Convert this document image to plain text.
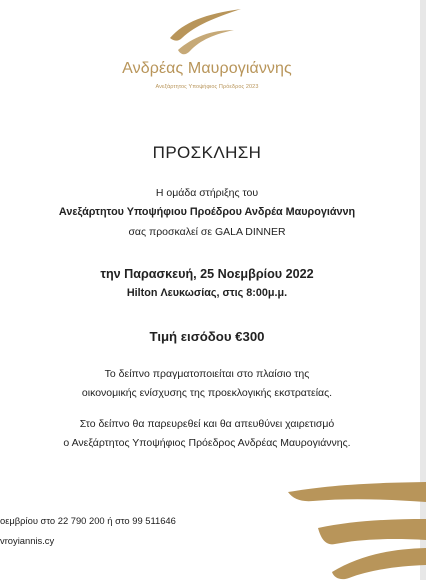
Ανδρέας Μαυρογιάννης
Ανεξάρτητος Υποψήφιος Πρόεδρος 2023
ΠΡΟΣΚΛΗΣΗ
Η ομάδα στήριξης του
Ανεξάρτητου Υποψήφιου Προέδρου Ανδρέα Μαυρογιάννη
σας προσκαλεί σε GALA DINNER
την Παρασκευή, 25 Νοεμβρίου 2022
Hilton Λευκωσίας, στις 8:00μ.μ.
Τιμή εισόδου €300
Το δείπνο πραγματοποιείται στο πλαίσιο της
οικονομικής ενίσχυσης της προεκλογικής εκστρατείας.
Στο δείπνο θα παρευρεθεί και θα απευθύνει χαιρετισμό
ο Ανεξάρτητος Υποψήφιος Πρόεδρος Ανδρέας Μαυρογιάννης.
οεμβρίου στο 22 790 200 ή στο 99 511646
vroyiannis.cy
